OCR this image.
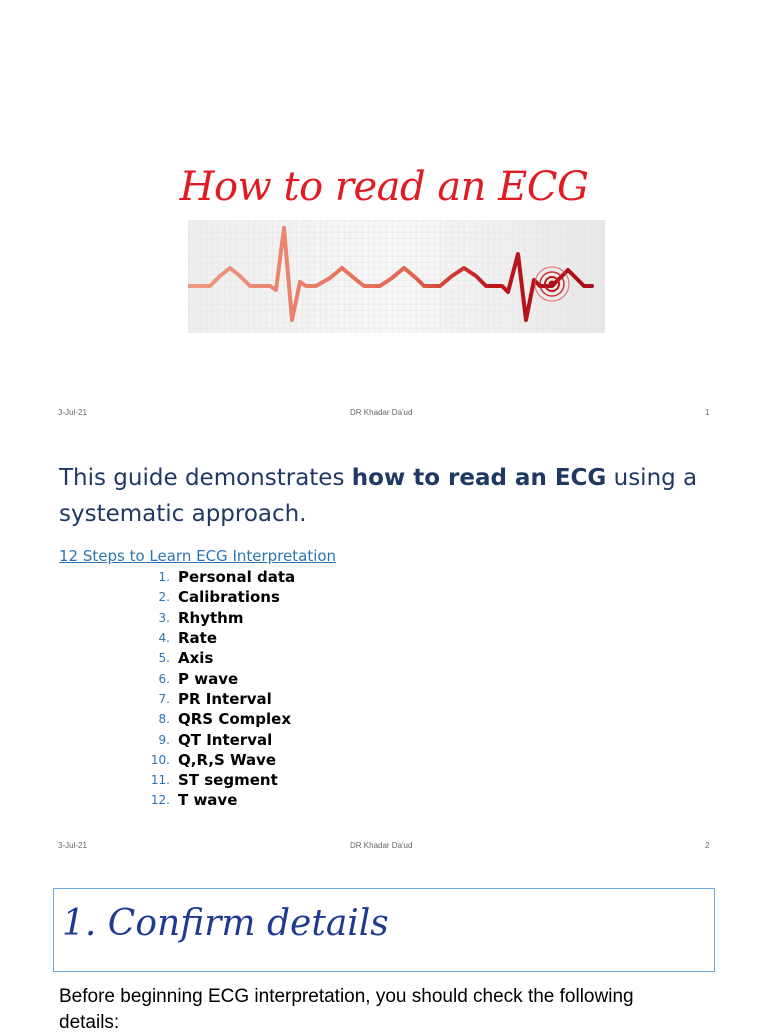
How to read an ECG
3-Jul-21	DR Khadar Da'ud	1
This guide demonstrates how to read an ECG using a systematic approach.
12 Steps to Learn ECG Interpretation
1. Personal data
2. Calibrations
3. Rhythm
4. Rate
5. Axis
6. P wave
7. PR Interval
8. QRS Complex
9. QT Interval
10. Q,R,S Wave
11. ST segment
12. T wave
3-Jul-21	DR Khadar Da'ud	2
1. Confirm details
Before beginning ECG interpretation, you should check the following details:
